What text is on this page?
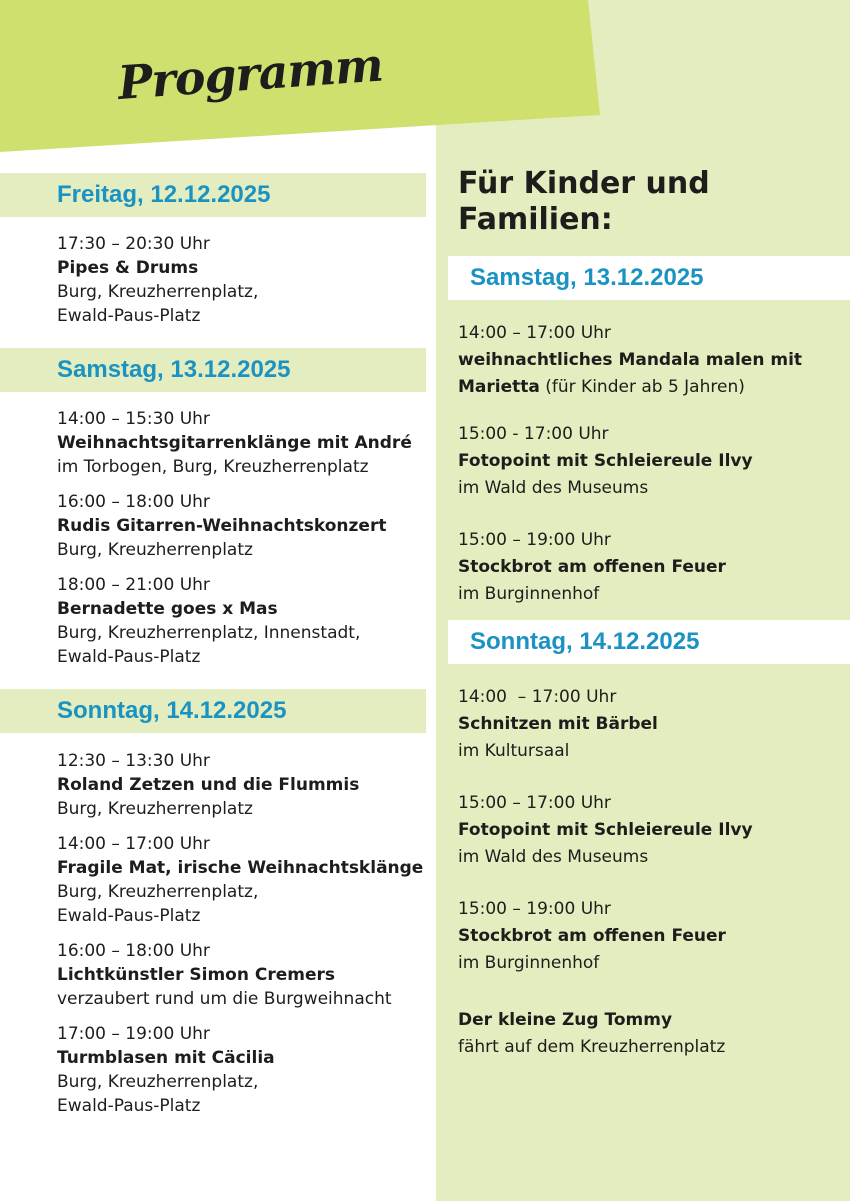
Programm
Freitag, 12.12.2025
17:30 – 20:30 Uhr
Pipes & Drums
Burg, Kreuzherrenplatz,
Ewald-Paus-Platz
Samstag, 13.12.2025
14:00 – 15:30 Uhr
Weihnachtsgitarrenklänge mit André
im Torbogen, Burg, Kreuzherrenplatz
16:00 – 18:00 Uhr
Rudis Gitarren-Weihnachtskonzert
Burg, Kreuzherrenplatz
18:00 – 21:00 Uhr
Bernadette goes x Mas
Burg, Kreuzherrenplatz, Innenstadt,
Ewald-Paus-Platz
Sonntag, 14.12.2025
12:30 – 13:30 Uhr
Roland Zetzen und die Flummis
Burg, Kreuzherrenplatz
14:00 – 17:00 Uhr
Fragile Mat, irische Weihnachtsklänge
Burg, Kreuzherrenplatz,
Ewald-Paus-Platz
16:00 – 18:00 Uhr
Lichtkünstler Simon Cremers
verzaubert rund um die Burgweihnacht
17:00 – 19:00 Uhr
Turmblasen mit Cäcilia
Burg, Kreuzherrenplatz,
Ewald-Paus-Platz
Für Kinder und
Familien:
Samstag, 13.12.2025
14:00 – 17:00 Uhr
weihnachtliches Mandala malen mit
Marietta (für Kinder ab 5 Jahren)
15:00 - 17:00 Uhr
Fotopoint mit Schleiereule Ilvy
im Wald des Museums
15:00 – 19:00 Uhr
Stockbrot am offenen Feuer
im Burginnenhof
Sonntag, 14.12.2025
14:00  – 17:00 Uhr
Schnitzen mit Bärbel
im Kultursaal
15:00 – 17:00 Uhr
Fotopoint mit Schleiereule Ilvy
im Wald des Museums
15:00 – 19:00 Uhr
Stockbrot am offenen Feuer
im Burginnenhof
Der kleine Zug Tommy
fährt auf dem Kreuzherrenplatz
